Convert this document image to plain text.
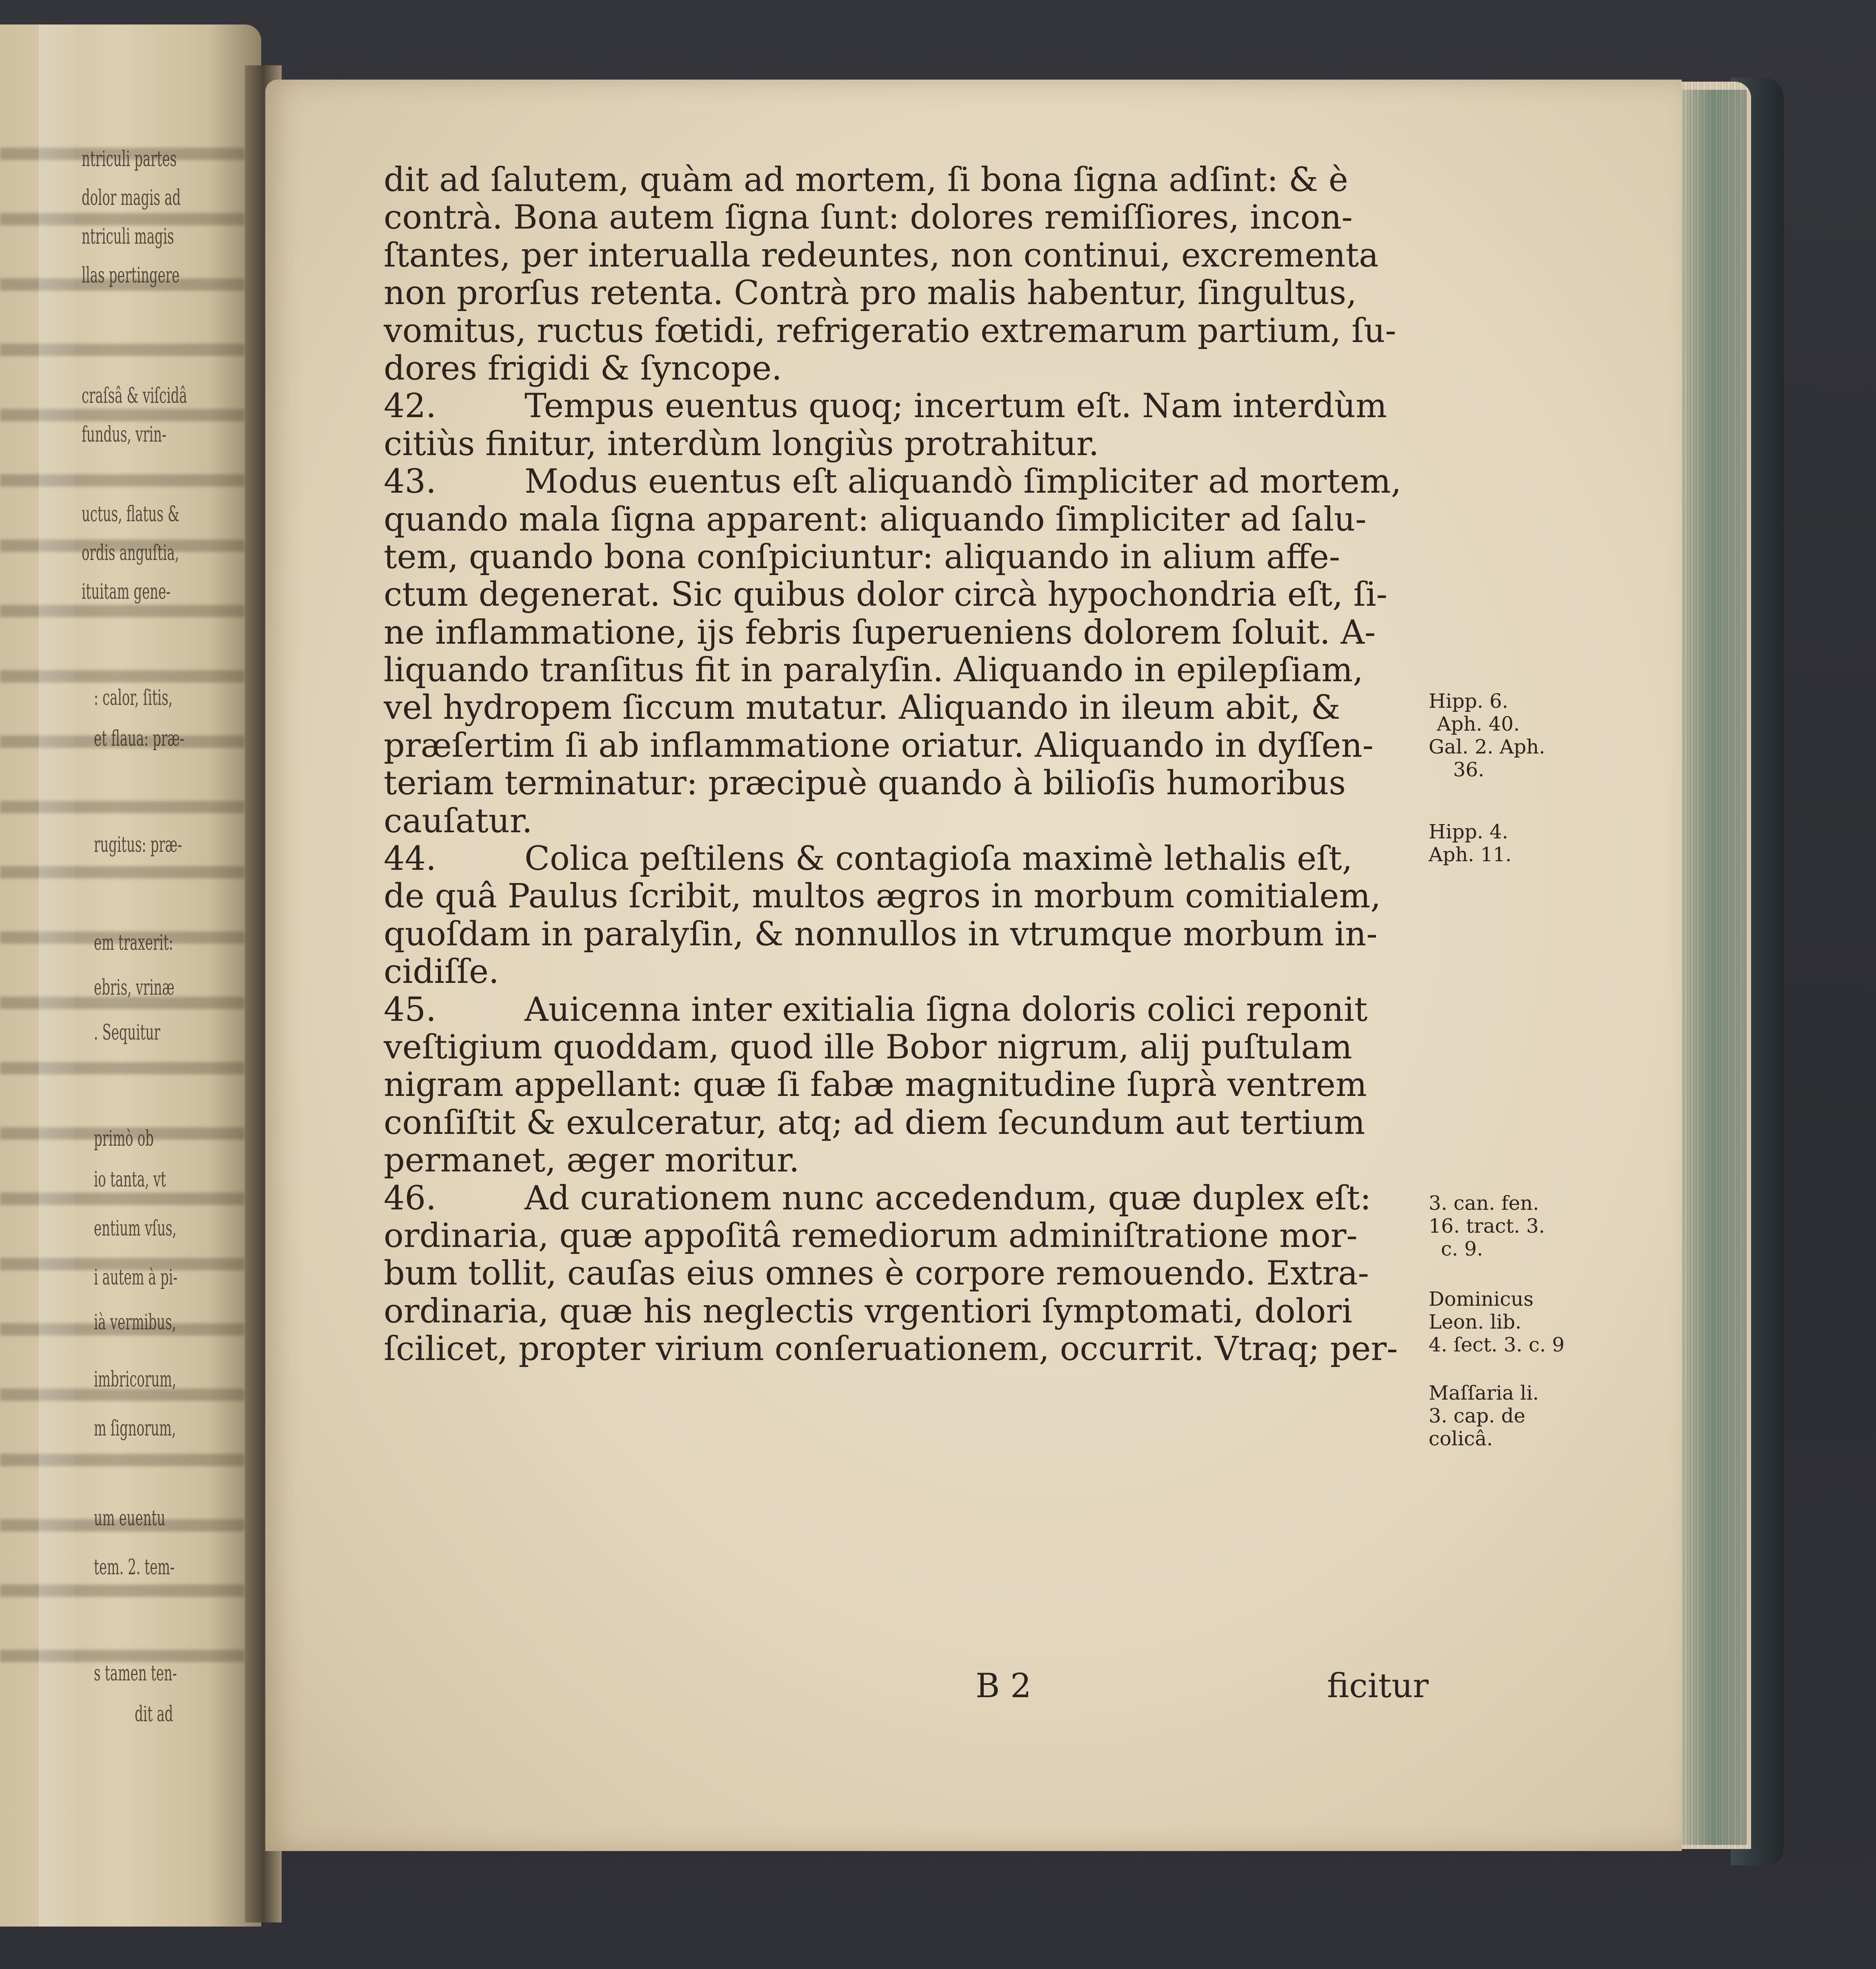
ntriculi partes
dolor magis ad
ntriculi magis
llas pertingere
craſsâ & viſcidâ
fundus, vrin-
uctus, flatus &
ordis anguſtia,
ituitam gene-
: calor, ſitis,
et flaua: præ-
rugitus: præ-
em traxerit:
ebris, vrinæ
. Sequitur
primò ob
io tanta, vt
entium vſus,
i autem à pi-
ià vermibus,
imbricorum,
m ſignorum,
um euentu
tem. 2. tem-
s tamen ten-
dit ad
dit ad ſalutem, quàm ad mortem, ſi bona ſigna adſint: & è
contrà. Bona autem ſigna ſunt: dolores remiſſiores, incon-
ſtantes, per interualla redeuntes, non continui, excrementa
non prorſus retenta. Contrà pro malis habentur, ſingultus,
vomitus, ructus fœtidi, refrigeratio extremarum partium, ſu-
dores frigidi & ſyncope.
42.	Tempus euentus quoq; incertum eſt. Nam interdùm
citiùs finitur, interdùm longiùs protrahitur.
43.	Modus euentus eſt aliquandò ſimpliciter ad mortem,
quando mala ſigna apparent: aliquando ſimpliciter ad ſalu-
tem, quando bona conſpiciuntur: aliquando in alium affe-
ctum degenerat. Sic quibus dolor circà hypochondria eſt, ſi-
ne inflammatione, ijs febris ſuperueniens dolorem ſoluit. A-
liquando tranſitus fit in paralyſin. Aliquando in epilepſiam,
vel hydropem ſiccum mutatur. Aliquando in ileum abit, &
præſertim ſi ab inflammatione oriatur. Aliquando in dyſſen-
teriam terminatur: præcipuè quando à bilioſis humoribus
cauſatur.
44.	Colica peſtilens & contagioſa maximè lethalis eſt,
de quâ Paulus ſcribit, multos ægros in morbum comitialem,
quoſdam in paralyſin, & nonnullos in vtrumque morbum in-
cidiſſe.
45.	Auicenna inter exitialia ſigna doloris colici reponit
veſtigium quoddam, quod ille Bobor nigrum, alij puſtulam
nigram appellant: quæ ſi fabæ magnitudine ſuprà ventrem
conſiſtit & exulceratur, atq; ad diem ſecundum aut tertium
permanet, æger moritur.
46.	Ad curationem nunc accedendum, quæ duplex eſt:
ordinaria, quæ appoſitâ remediorum adminiſtratione mor-
bum tollit, cauſas eius omnes è corpore remouendo. Extra-
ordinaria, quæ his neglectis vrgentiori ſymptomati, dolori
ſcilicet, propter virium conſeruationem, occurrit. Vtraq; per-
Hipp. 6.
Aph. 40.
Gal. 2. Aph.
36.
Hipp. 4.
Aph. 11.
3. can. fen.
16. tract. 3.
c. 9.
Dominicus
Leon. lib.
4. ſect. 3. c. 9
Maſſaria li.
3. cap. de
colicâ.
B 2	ficitur
